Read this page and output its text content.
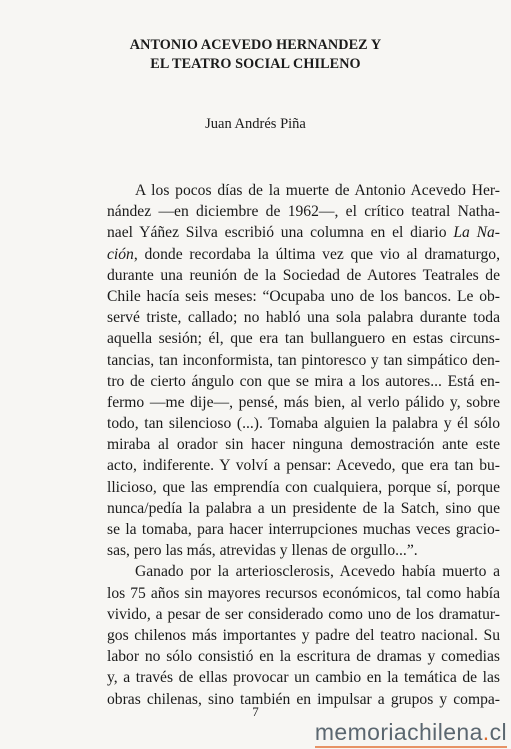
ANTONIO ACEVEDO HERNANDEZ Y
EL TEATRO SOCIAL CHILENO
Juan Andrés Piña
A los pocos días de la muerte de Antonio Acevedo Her-
nández —en diciembre de 1962—, el crítico teatral Natha-
nael Yáñez Silva escribió una columna en el diario La Na-
ción, donde recordaba la última vez que vio al dramaturgo,
durante una reunión de la Sociedad de Autores Teatrales de
Chile hacía seis meses: “Ocupaba uno de los bancos. Le ob-
servé triste, callado; no habló una sola palabra durante toda
aquella sesión; él, que era tan bullanguero en estas circuns-
tancias, tan inconformista, tan pintoresco y tan simpático den-
tro de cierto ángulo con que se mira a los autores... Está en-
fermo —me dije—, pensé, más bien, al verlo pálido y, sobre
todo, tan silencioso (...). Tomaba alguien la palabra y él sólo
miraba al orador sin hacer ninguna demostración ante este
acto, indiferente. Y volví a pensar: Acevedo, que era tan bu-
llicioso, que las emprendía con cualquiera, porque sí, porque
nunca/pedía la palabra a un presidente de la Satch, sino que
se la tomaba, para hacer interrupciones muchas veces gracio-
sas, pero las más, atrevidas y llenas de orgullo...”.
Ganado por la arteriosclerosis, Acevedo había muerto a
los 75 años sin mayores recursos económicos, tal como había
vivido, a pesar de ser considerado como uno de los dramatur-
gos chilenos más importantes y padre del teatro nacional. Su
labor no sólo consistió en la escritura de dramas y comedias
y, a través de ellas provocar un cambio en la temática de las
obras chilenas, sino también en impulsar a grupos y compa-
7
memoriachilena.cl
